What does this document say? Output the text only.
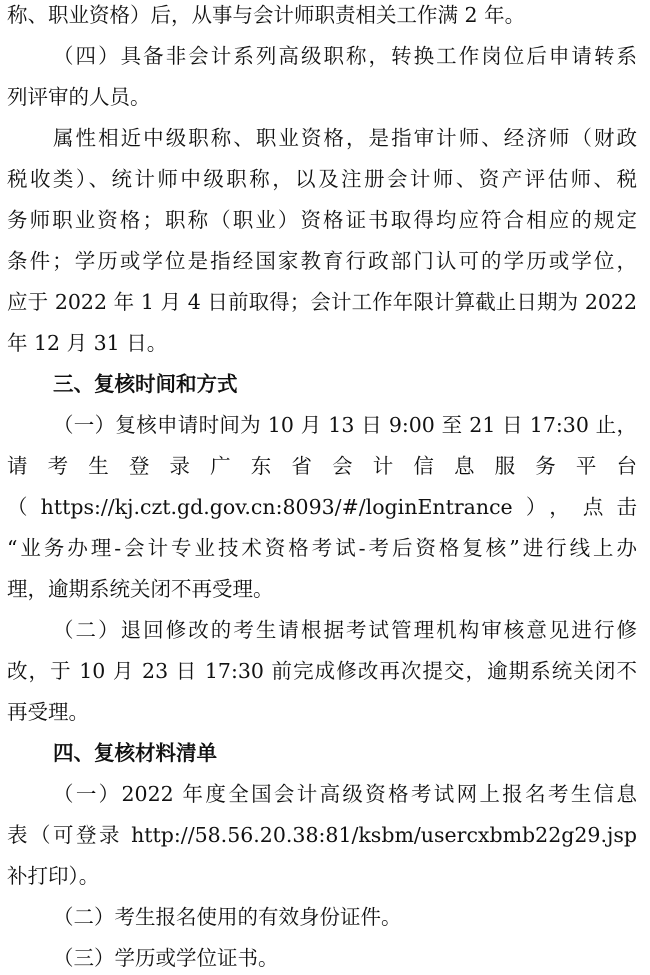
称、职业资格）后，从事与会计师职责相关工作满 2 年。
（四）具备非会计系列高级职称，转换工作岗位后申请转系
列评审的人员。
属性相近中级职称、职业资格，是指审计师、经济师（财政
税收类）、统计师中级职称，以及注册会计师、资产评估师、税
务师职业资格；职称（职业）资格证书取得均应符合相应的规定
条件；学历或学位是指经国家教育行政部门认可的学历或学位，
应于 2022 年 1 月 4 日前取得；会计工作年限计算截止日期为 2022
年 12 月 31 日。
三、复核时间和方式
（一）复核申请时间为 10 月 13 日 9:00 至 21 日 17:30 止，
请考生登录广东省会计信息服务平台
（https://kj.czt.gd.gov.cn:8093/#/loginEntrance），点击
“业务办理-会计专业技术资格考试-考后资格复核”进行线上办
理，逾期系统关闭不再受理。
（二）退回修改的考生请根据考试管理机构审核意见进行修
改，于 10 月 23 日 17:30 前完成修改再次提交，逾期系统关闭不
再受理。
四、复核材料清单
（一）2022 年度全国会计高级资格考试网上报名考生信息
表（可登录 http://58.56.20.38:81/ksbm/usercxbmb22g29.jsp
补打印）。
（二）考生报名使用的有效身份证件。
（三）学历或学位证书。
